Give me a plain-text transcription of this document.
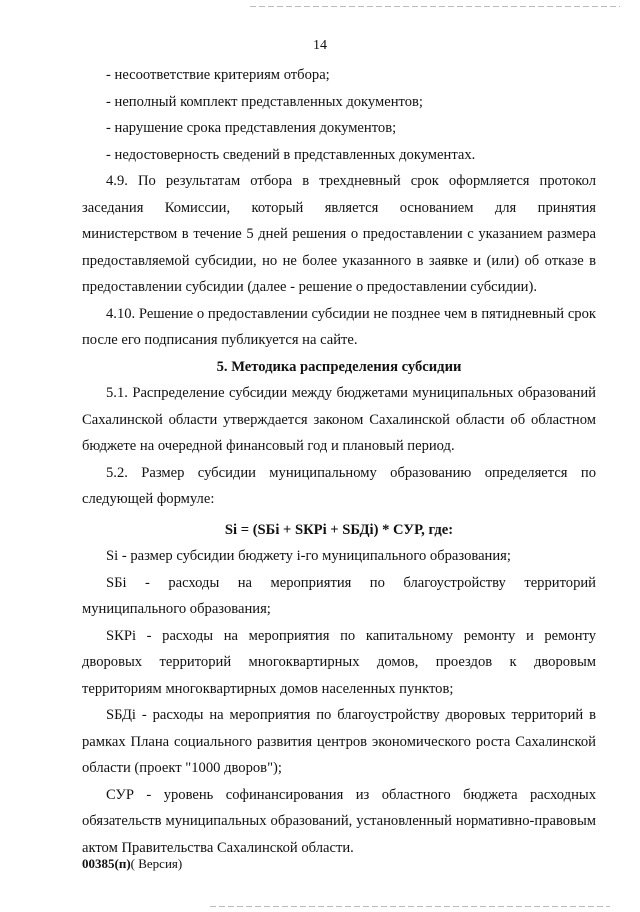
14

- несоответствие критериям отбора;

- неполный комплект представленных документов;

- нарушение срока представления документов;

- недостоверность сведений в представленных документах.

4.9. По результатам отбора в трехдневный срок оформляется протокол

заседания Комиссии, который является основанием для принятия

министерством в течение 5 дней решения о предоставлении с указанием размера предоставляемой субсидии, но не более указанного в заявке и (или) об отказе в предоставлении субсидии (далее - решение о предоставлении субсидии).

4.10. Решение о предоставлении субсидии не позднее чем в пятидневный срок после его подписания публикуется на сайте.

5. Методика распределения субсидии

5.1. Распределение субсидии между бюджетами муниципальных образований Сахалинской области утверждается законом Сахалинской области об областном бюджете на очередной финансовый год и плановый период.

5.2. Размер субсидии муниципальному образованию определяется по следующей формуле:

Si = (SБi + SКРi + SБДi) * СУР, где:

Si - размер субсидии бюджету i-го муниципального образования;

SБi - расходы на мероприятия по благоустройству территорий муниципального образования;

SКРi - расходы на мероприятия по капитальному ремонту и ремонту дворовых территорий многоквартирных домов, проездов к дворовым территориям многоквартирных домов населенных пунктов;

SБДi - расходы на мероприятия по благоустройству дворовых территорий в рамках Плана социального развития центров экономического роста Сахалинской области (проект "1000 дворов");

СУР - уровень софинансирования из областного бюджета расходных обязательств муниципальных образований, установленный нормативно-правовым актом Правительства Сахалинской области.

00385(п)( Версия)
